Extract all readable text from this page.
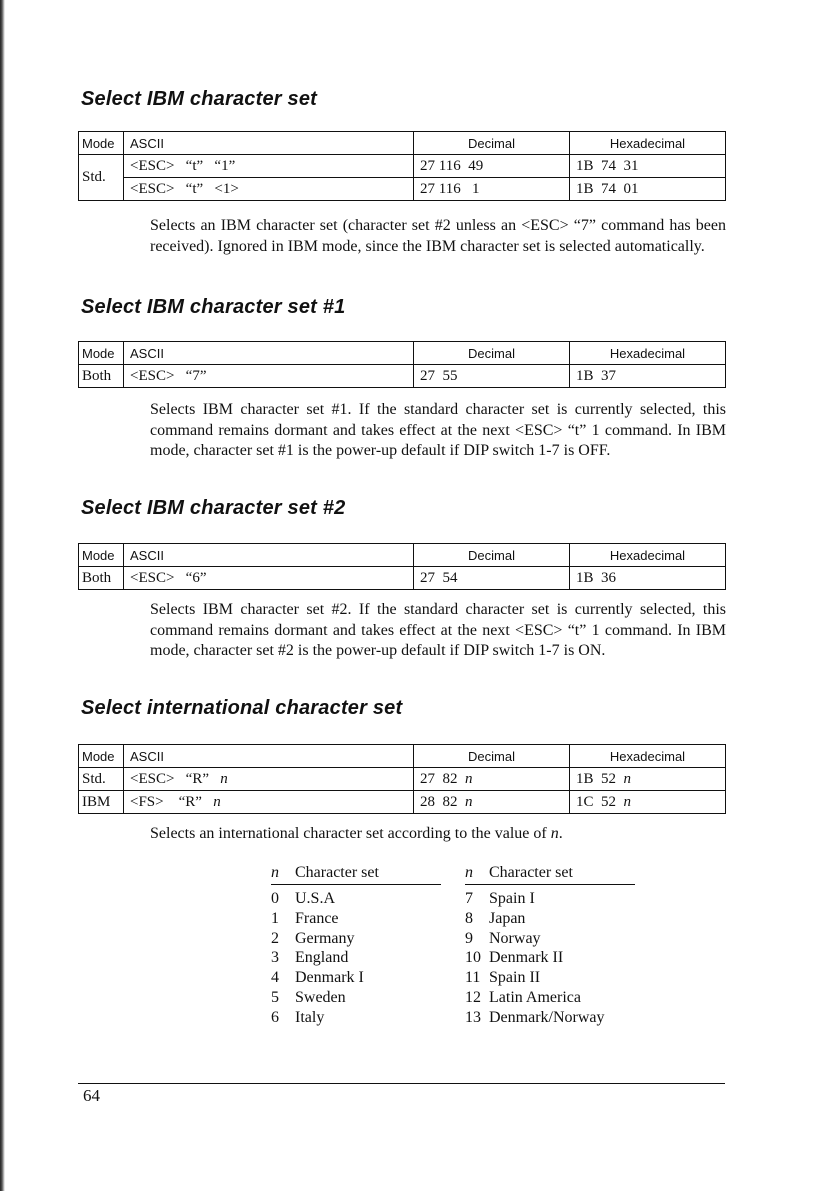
Select IBM character set
Mode	ASCII	Decimal	Hexadecimal
Std.	<ESC>   “t”   “1”	27 116  49	1B  74  31
	<ESC>   “t”   <1>	27 116   1	1B  74  01

Selects an IBM character set (character set #2 unless an <ESC> “7” command has been received). Ignored in IBM mode, since the IBM character set is selected automatically.

Select IBM character set #1
Mode	ASCII	Decimal	Hexadecimal
Both	<ESC>   “7”	27  55	1B  37

Selects IBM character set #1. If the standard character set is currently selected, this command remains dormant and takes effect at the next <ESC> “t” 1 command. In IBM mode, character set #1 is the power-up default if DIP switch 1-7 is OFF.

Select IBM character set #2
Mode	ASCII	Decimal	Hexadecimal
Both	<ESC>   “6”	27  54	1B  36

Selects IBM character set #2. If the standard character set is currently selected, this command remains dormant and takes effect at the next <ESC> “t” 1 command. In IBM mode, character set #2 is the power-up default if DIP switch 1-7 is ON.

Select international character set
Mode	ASCII	Decimal	Hexadecimal
Std.	<ESC>   “R”   n	27  82  n	1B  52  n
IBM	<FS>    “R”   n	28  82  n	1C  52  n

Selects an international character set according to the value of n.

n Character set
0 U.S.A
1 France
2 Germany
3 England
4 Denmark I
5 Sweden
6 Italy
n Character set
7 Spain I
8 Japan
9 Norway
10 Denmark II
11 Spain II
12 Latin America
13 Denmark/Norway
64
